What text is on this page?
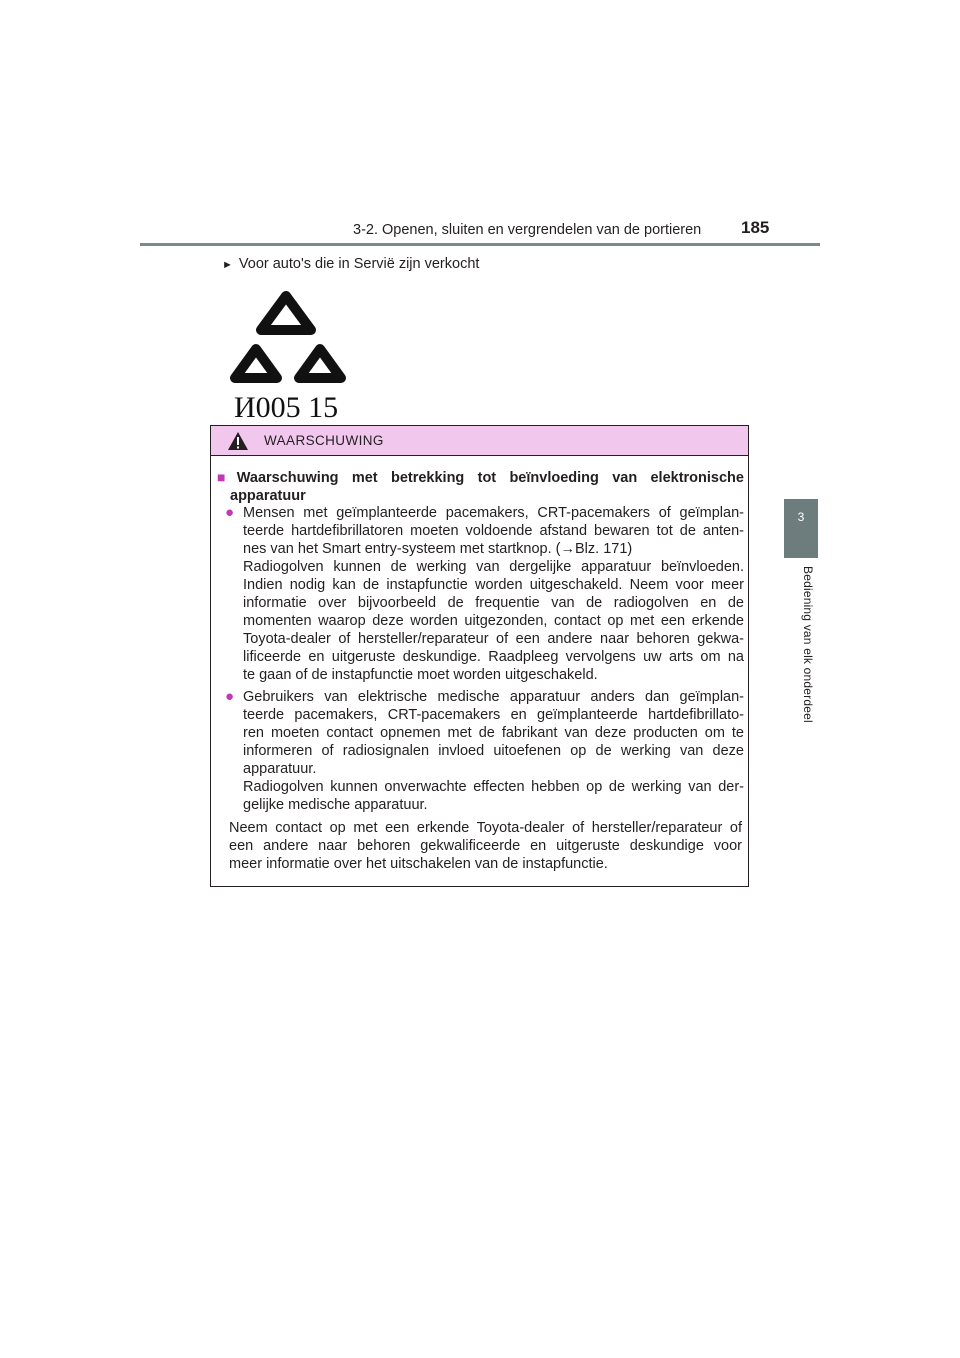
3-2. Openen, sluiten en vergrendelen van de portieren 185
3
Bediening van elk onderdeel
► Voor auto's die in Servië zijn verkocht
И005 15
WAARSCHUWING
■ Waarschuwing met betrekking tot beïnvloeding van elektronische
apparatuur
● Mensen met geïmplanteerde pacemakers, CRT-pacemakers of geïmplan-
teerde hartdefibrillatoren moeten voldoende afstand bewaren tot de anten-
nes van het Smart entry-systeem met startknop. (→Blz. 171)
Radiogolven kunnen de werking van dergelijke apparatuur beïnvloeden.
Indien nodig kan de instapfunctie worden uitgeschakeld. Neem voor meer
informatie over bijvoorbeeld de frequentie van de radiogolven en de
momenten waarop deze worden uitgezonden, contact op met een erkende
Toyota-dealer of hersteller/reparateur of een andere naar behoren gekwa-
lificeerde en uitgeruste deskundige. Raadpleeg vervolgens uw arts om na
te gaan of de instapfunctie moet worden uitgeschakeld.
● Gebruikers van elektrische medische apparatuur anders dan geïmplan-
teerde pacemakers, CRT-pacemakers en geïmplanteerde hartdefibrillato-
ren moeten contact opnemen met de fabrikant van deze producten om te
informeren of radiosignalen invloed uitoefenen op de werking van deze
apparatuur.
Radiogolven kunnen onverwachte effecten hebben op de werking van der-
gelijke medische apparatuur.
Neem contact op met een erkende Toyota-dealer of hersteller/reparateur of
een andere naar behoren gekwalificeerde en uitgeruste deskundige voor
meer informatie over het uitschakelen van de instapfunctie.
